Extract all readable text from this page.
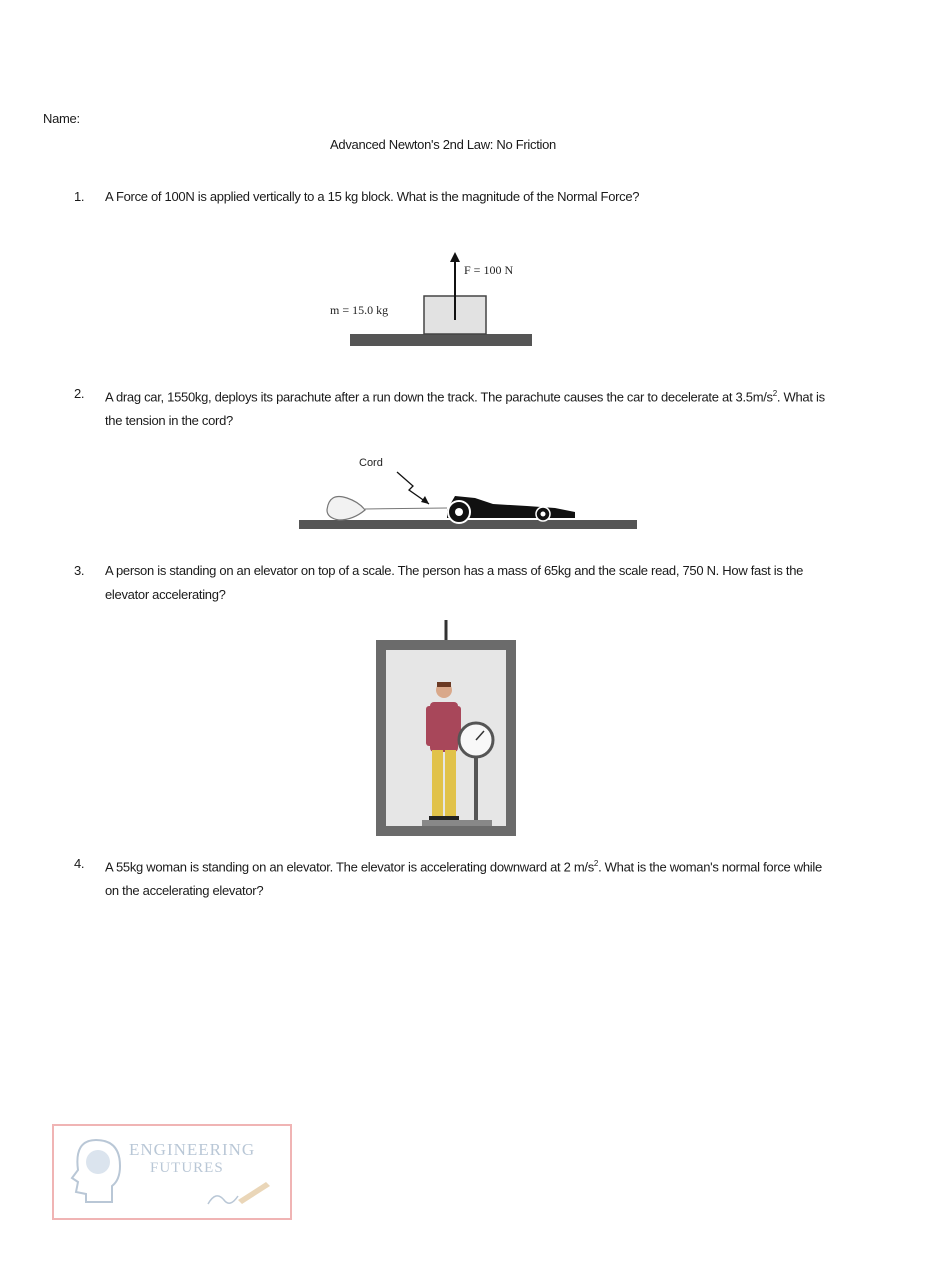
Name:
Advanced Newton's 2nd Law: No Friction
1. A Force of 100N is applied vertically to a 15 kg block. What is the magnitude of the Normal Force?
F = 100 N
m = 15.0 kg
2. A drag car, 1550kg, deploys its parachute after a run down the track. The parachute causes the car to decelerate at $3.5m/s^2$. What is the tension in the cord?
Cord
3. A person is standing on an elevator on top of a scale. The person has a mass of 65kg and the scale read, 750 N. How fast is the elevator accelerating?
4. A 55kg woman is standing on an elevator. The elevator is accelerating downward at 2 $m/s^2$. What is the woman's normal force while on the accelerating elevator?
ENGINEERING
FUTURES
